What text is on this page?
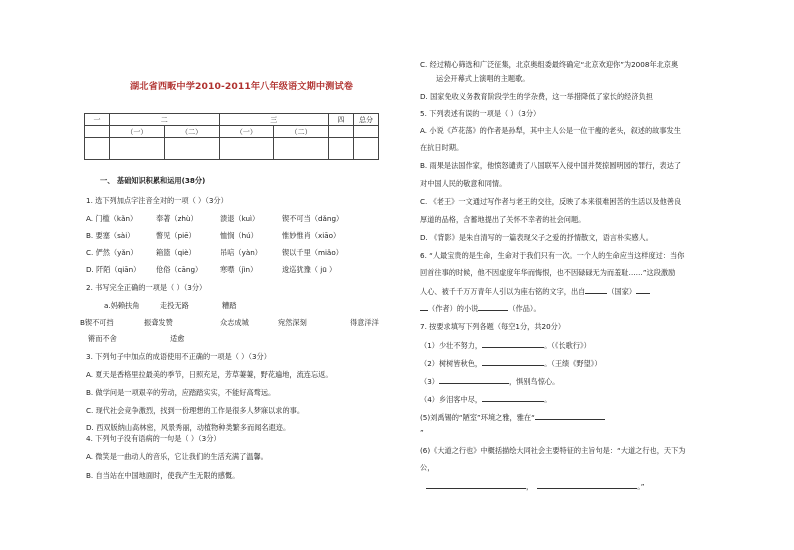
湖北省西畈中学2010-2011年八年级语文期中测试卷
一	二		三		四	总分
	（一）	（二）	（一）	（二）		

一、 基础知识积累和运用(38分)
1. 选下列加点字注音全对的一项（ ）（3分）
A. 门槛（kǎn）	奉著（zhù）	溃退（kuì）	锲不可当（dǎng）
B. 要塞（sài）	瞥见（piē）	恤悯（hú）	惟妙惟肖（xiāo）
C. 俨然（yǎn）	箱篮（qiè）	吊唁（yàn）	锲以千里（miǎo）
D. 阡陌（qiān） 伧俗（cāng） 寒噤（jìn）	逡巡犹豫（ jū ）
2. 书写完全正确的一项是（ ）（3分）
a.妈赖扶角	走投无路	糟踏
B锲不可挡	振聋发赞	众志成城	宛然深刻	得意洋洋
锵而不舍	适愈
3. 下列句子中加点的成语使用不正确的一项是（ ）（3分）
A. 夏天是香格里拉最美的季节，日照充足，芳草萋萋，野花遍地，流连忘返。
B. 做学问是一项艰辛的劳动，应踏踏实实，不能好高骛远。
C. 现代社会竞争激烈，找到一份理想的工作是很多人梦寐以求的事。
D. 西双版纳山高林密，风景秀丽，动植物种类繁多而闻名遐迩。
4. 下列句子没有语病的一句是（ ）（3分）
A. 微笑是一曲动人的音乐，它让我们的生活充满了温馨。
B. 自当站在中国地面时，使我产生无限的感慨。
C. 经过精心筛选和广泛征集，北京奥组委最终确定“北京欢迎你”为2008年北京奥
运会开幕式上演唱的主题歌。
D. 国家免收义务教育阶段学生的学杂费，这一举措降低了家长的经济负担
5. 下列表述有误的一项是（ ）（3分）
A. 小说《芦花荡》的作者是孙犁，其中主人公是一位干瘦的老头，叙述的故事发生
在抗日时期。
B. 雨果是法国作家，他愤怒谴责了八国联军入侵中国并焚掠圆明园的罪行，表达了
对中国人民的敬意和同情。
C. 《老王》一文通过写作者与老王的交往，反映了本来很难困苦的生活以及他善良
厚道的品格，含蓄地提出了关怀不幸者的社会问题。
D. 《背影》是朱自清写的一篇表现父子之爱的抒情散文，语言朴实感人。
6. “人最宝贵的是生命，生命对于我们只有一次。一个人的生命应当这样度过：当你
回首往事的时候，他不因虚度年华而悔恨，也不因碌碌无为而羞耻……”这段激励
人心、被千千万万青年人引以为座右铭的文字，出自	（国家）
（作者）的小说	（作品）。
7. 按要求填写下列各题（每空1分，共20分）
（1）少壮不努力，	。（《长歌行》）
（2）树树皆秋色，	。（王绩《野望》）
（3）	，惧别鸟惊心。
（4）乡泪客中尽，	。
(5)刘禹锡的“陋室”环境之雅，雅在“
”
(6)《大道之行也》中概括描绘大同社会主要特征的主旨句是：“大道之行也，天下为
公，
，	。”
